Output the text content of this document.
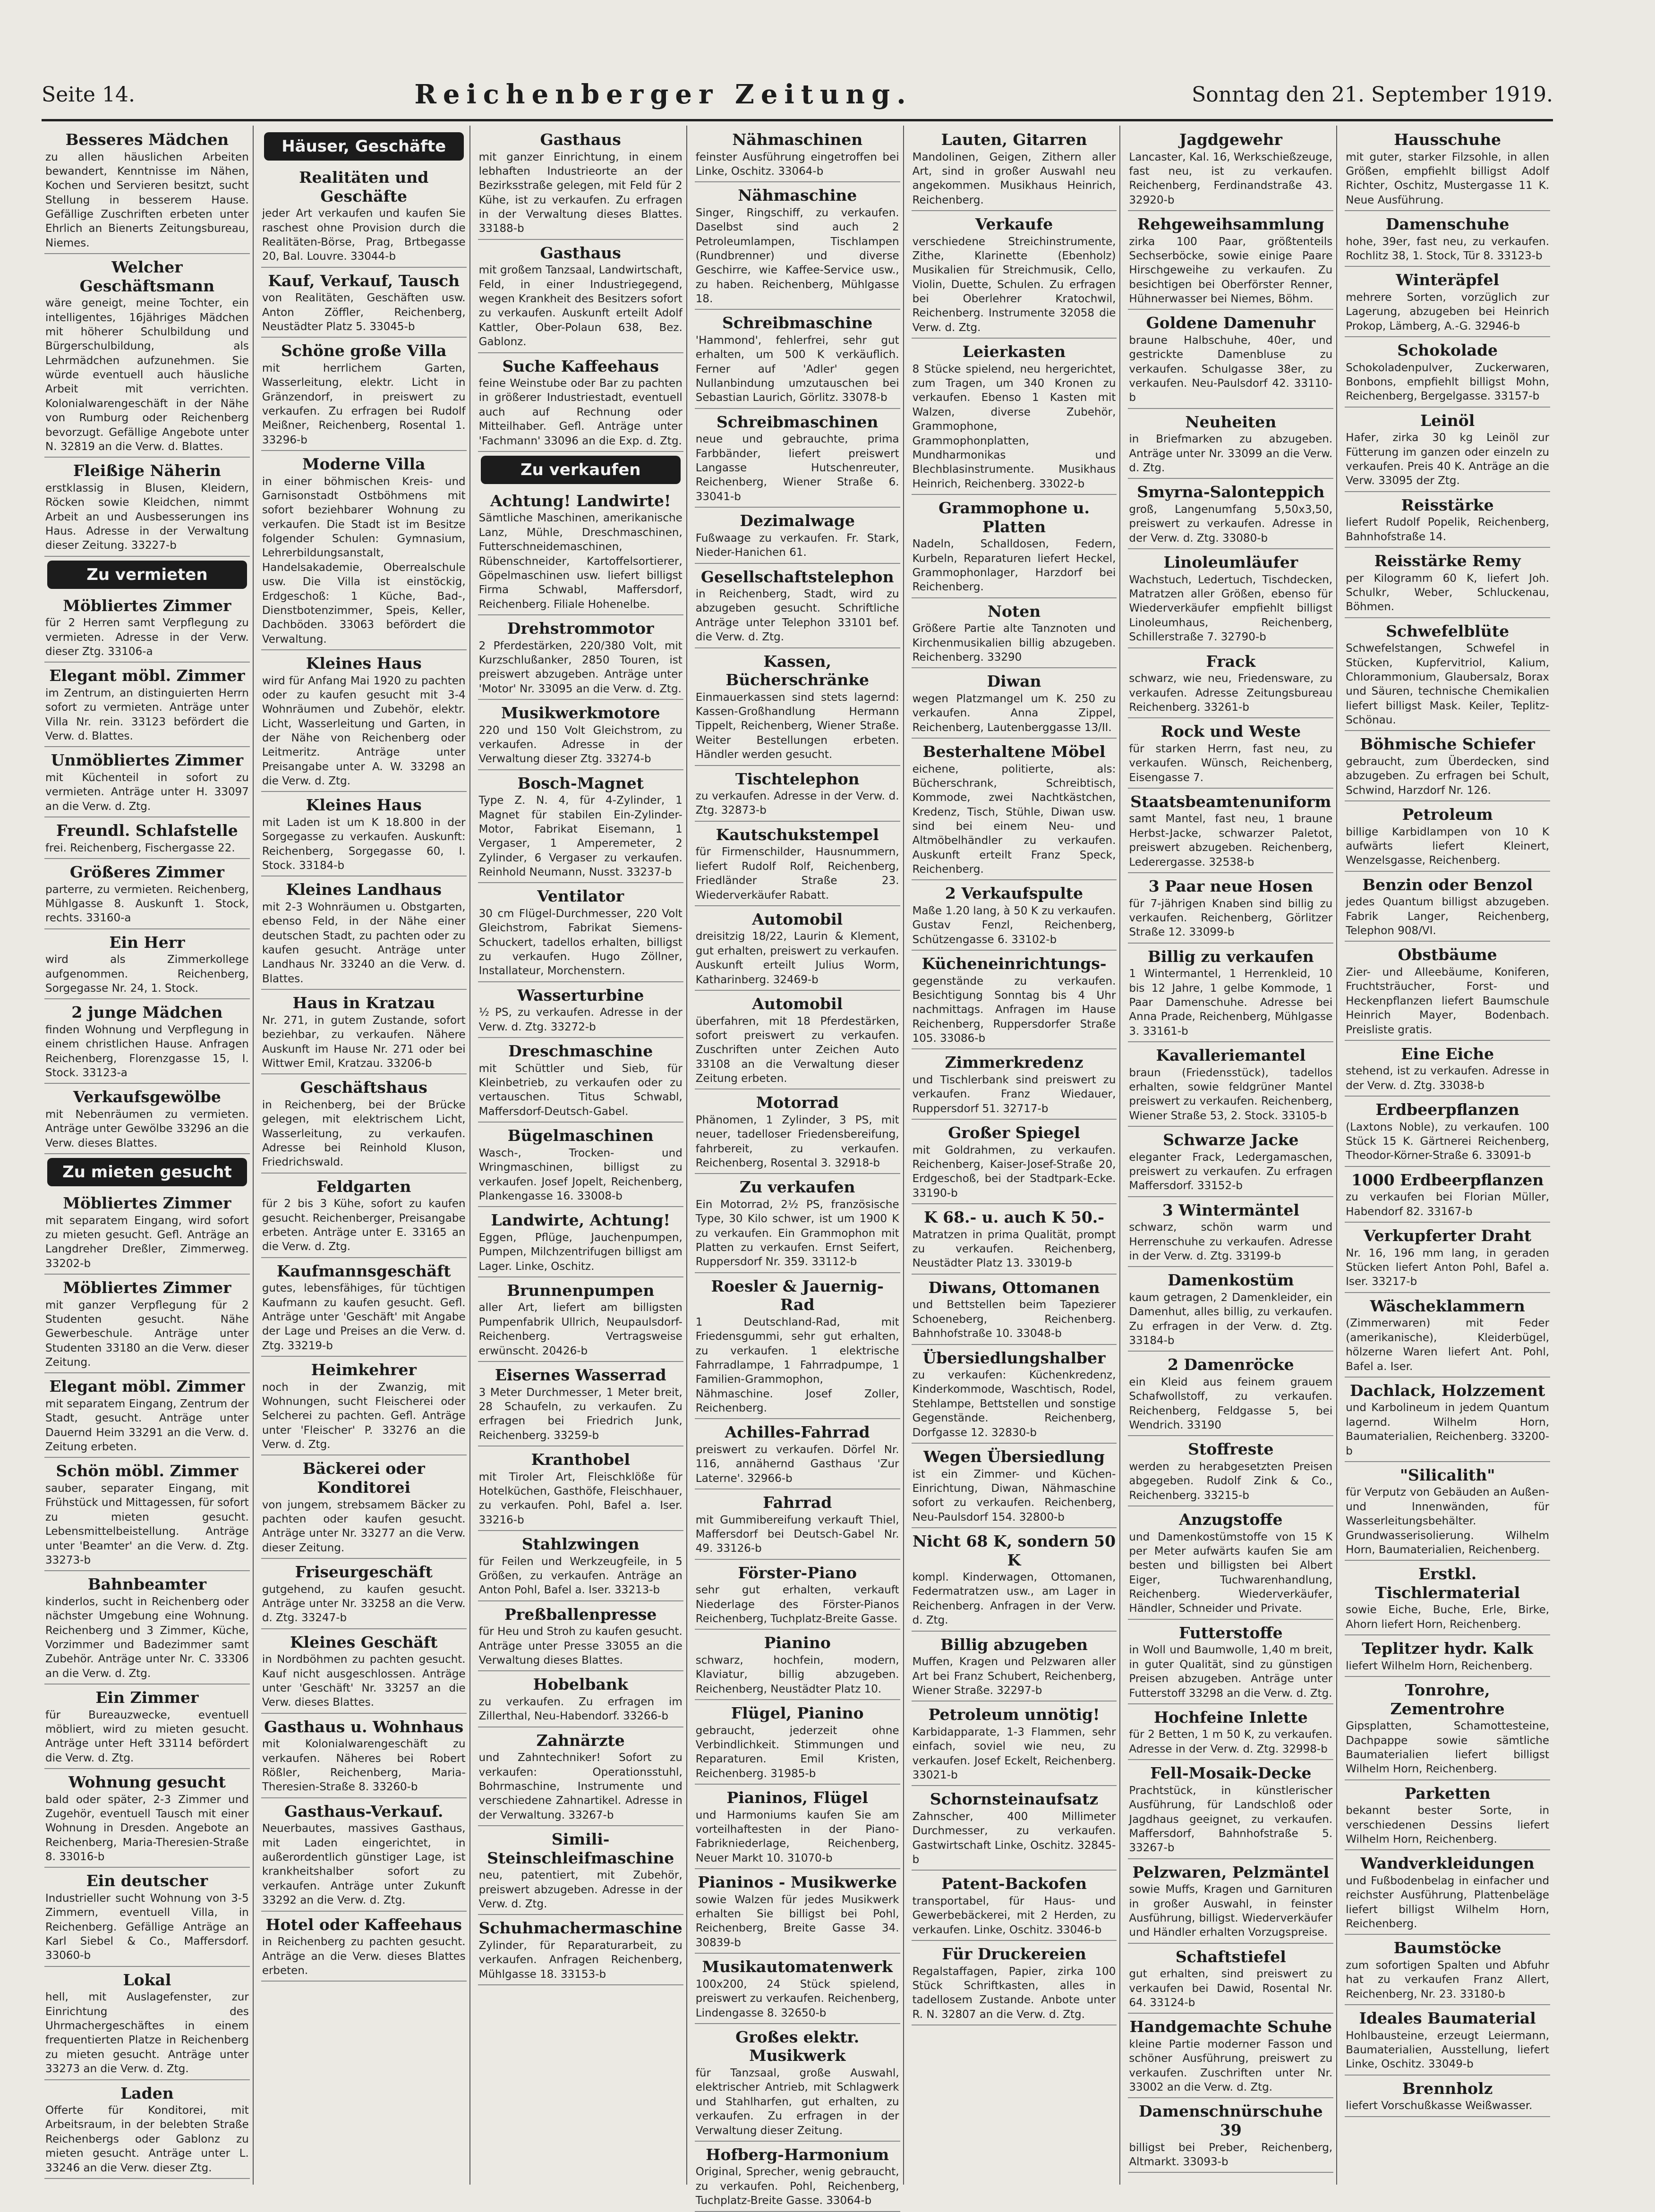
Seite 14.	Reichenberger Zeitung.	Sonntag den 21. September 1919.
Besseres Mädchen
zu allen häuslichen Arbeiten bewandert, Kenntnisse im Nähen, Kochen und Servieren besitzt, sucht Stellung in besserem Hause. Gefällige Zuschriften erbeten unter Ehrlich an Bienerts Zeitungsbureau, Niemes.
Welcher Geschäftsmann
wäre geneigt, meine Tochter, ein intelligentes, 16jähriges Mädchen mit höherer Schulbildung und Bürgerschulbildung, als Lehrmädchen aufzunehmen. Sie würde eventuell auch häusliche Arbeit mit verrichten. Kolonialwarengeschäft in der Nähe von Rumburg oder Reichenberg bevorzugt. Gefällige Angebote unter N. 32819 an die Verw. d. Blattes.
Fleißige Näherin
erstklassig in Blusen, Kleidern, Röcken sowie Kleidchen, nimmt Arbeit an und Ausbesserungen ins Haus. Adresse in der Verwaltung dieser Zeitung. 33227-b
Zu vermieten
Möbliertes Zimmer
für 2 Herren samt Verpflegung zu vermieten. Adresse in der Verw. dieser Ztg. 33106-a
Elegant möbl. Zimmer
im Zentrum, an distinguierten Herrn sofort zu vermieten. Anträge unter Villa Nr. rein. 33123 befördert die Verw. d. Blattes.
Unmöbliertes Zimmer
mit Küchenteil in sofort zu vermieten. Anträge unter H. 33097 an die Verw. d. Ztg.
Freundl. Schlafstelle
frei. Reichenberg, Fischergasse 22.
Größeres Zimmer
parterre, zu vermieten. Reichenberg, Mühlgasse 8. Auskunft 1. Stock, rechts. 33160-a
Ein Herr
wird als Zimmerkollege aufgenommen. Reichenberg, Sorgegasse Nr. 24, 1. Stock.
2 junge Mädchen
finden Wohnung und Verpflegung in einem christlichen Hause. Anfragen Reichenberg, Florenzgasse 15, I. Stock. 33123-a
Verkaufsgewölbe
mit Nebenräumen zu vermieten. Anträge unter Gewölbe 33296 an die Verw. dieses Blattes.
Zu mieten gesucht
Möbliertes Zimmer
mit separatem Eingang, wird sofort zu mieten gesucht. Gefl. Anträge an Langdreher Dreßler, Zimmerweg. 33202-b
Möbliertes Zimmer
mit ganzer Verpflegung für 2 Studenten gesucht. Nähe Gewerbeschule. Anträge unter Studenten 33180 an die Verw. dieser Zeitung.
Elegant möbl. Zimmer
mit separatem Eingang, Zentrum der Stadt, gesucht. Anträge unter Dauernd Heim 33291 an die Verw. d. Zeitung erbeten.
Schön möbl. Zimmer
sauber, separater Eingang, mit Frühstück und Mittagessen, für sofort zu mieten gesucht. Lebensmittelbeistellung. Anträge unter 'Beamter' an die Verw. d. Ztg. 33273-b
Bahnbeamter
kinderlos, sucht in Reichenberg oder nächster Umgebung eine Wohnung. Reichenberg und 3 Zimmer, Küche, Vorzimmer und Badezimmer samt Zubehör. Anträge unter Nr. C. 33306 an die Verw. d. Ztg.
Ein Zimmer
für Bureauzwecke, eventuell möbliert, wird zu mieten gesucht. Anträge unter Heft 33114 befördert die Verw. d. Ztg.
Wohnung gesucht
bald oder später, 2-3 Zimmer und Zugehör, eventuell Tausch mit einer Wohnung in Dresden. Angebote an Reichenberg, Maria-Theresien-Straße 8. 33016-b
Ein deutscher
Industrieller sucht Wohnung von 3-5 Zimmern, eventuell Villa, in Reichenberg. Gefällige Anträge an Karl Siebel & Co., Maffersdorf. 33060-b
Lokal
hell, mit Auslagefenster, zur Einrichtung des Uhrmachergeschäftes in einem frequentierten Platze in Reichenberg zu mieten gesucht. Anträge unter 33273 an die Verw. d. Ztg.
Laden
Offerte für Konditorei, mit Arbeitsraum, in der belebten Straße Reichenbergs oder Gablonz zu mieten gesucht. Anträge unter L. 33246 an die Verw. dieser Ztg.
Häuser, Geschäfte
Realitäten und Geschäfte
jeder Art verkaufen und kaufen Sie raschest ohne Provision durch die Realitäten-Börse, Prag, Brtbegasse 20, Bal. Louvre. 33044-b
Kauf, Verkauf, Tausch
von Realitäten, Geschäften usw. Anton Zöffler, Reichenberg, Neustädter Platz 5. 33045-b
Schöne große Villa
mit herrlichem Garten, Wasserleitung, elektr. Licht in Gränzendorf, in preiswert zu verkaufen. Zu erfragen bei Rudolf Meißner, Reichenberg, Rosental 1. 33296-b
Moderne Villa
in einer böhmischen Kreis- und Garnisonstadt Ostböhmens mit sofort beziehbarer Wohnung zu verkaufen. Die Stadt ist im Besitze folgender Schulen: Gymnasium, Lehrerbildungsanstalt, Handelsakademie, Oberrealschule usw. Die Villa ist einstöckig, Erdgeschoß: 1 Küche, Bad-, Dienstbotenzimmer, Speis, Keller, Dachböden. 33063 befördert die Verwaltung.
Kleines Haus
wird für Anfang Mai 1920 zu pachten oder zu kaufen gesucht mit 3-4 Wohnräumen und Zubehör, elektr. Licht, Wasserleitung und Garten, in der Nähe von Reichenberg oder Leitmeritz. Anträge unter Preisangabe unter A. W. 33298 an die Verw. d. Ztg.
Kleines Haus
mit Laden ist um K 18.800 in der Sorgegasse zu verkaufen. Auskunft: Reichenberg, Sorgegasse 60, I. Stock. 33184-b
Kleines Landhaus
mit 2-3 Wohnräumen u. Obstgarten, ebenso Feld, in der Nähe einer deutschen Stadt, zu pachten oder zu kaufen gesucht. Anträge unter Landhaus Nr. 33240 an die Verw. d. Blattes.
Haus in Kratzau
Nr. 271, in gutem Zustande, sofort beziehbar, zu verkaufen. Nähere Auskunft im Hause Nr. 271 oder bei Wittwer Emil, Kratzau. 33206-b
Geschäftshaus
in Reichenberg, bei der Brücke gelegen, mit elektrischem Licht, Wasserleitung, zu verkaufen. Adresse bei Reinhold Kluson, Friedrichswald.
Feldgarten
für 2 bis 3 Kühe, sofort zu kaufen gesucht. Reichenberger, Preisangabe erbeten. Anträge unter E. 33165 an die Verw. d. Ztg.
Kaufmannsgeschäft
gutes, lebensfähiges, für tüchtigen Kaufmann zu kaufen gesucht. Gefl. Anträge unter 'Geschäft' mit Angabe der Lage und Preises an die Verw. d. Ztg. 33219-b
Heimkehrer
noch in der Zwanzig, mit Wohnungen, sucht Fleischerei oder Selcherei zu pachten. Gefl. Anträge unter 'Fleischer' P. 33276 an die Verw. d. Ztg.
Bäckerei oder Konditorei
von jungem, strebsamem Bäcker zu pachten oder kaufen gesucht. Anträge unter Nr. 33277 an die Verw. dieser Zeitung.
Friseurgeschäft
gutgehend, zu kaufen gesucht. Anträge unter Nr. 33258 an die Verw. d. Ztg. 33247-b
Kleines Geschäft
in Nordböhmen zu pachten gesucht. Kauf nicht ausgeschlossen. Anträge unter 'Geschäft' Nr. 33257 an die Verw. dieses Blattes.
Gasthaus u. Wohnhaus
mit Kolonialwarengeschäft zu verkaufen. Näheres bei Robert Rößler, Reichenberg, Maria-Theresien-Straße 8. 33260-b
Gasthaus-Verkauf.
Neuerbautes, massives Gasthaus, mit Laden eingerichtet, in außerordentlich günstiger Lage, ist krankheitshalber sofort zu verkaufen. Anträge unter Zukunft 33292 an die Verw. d. Ztg.
Hotel oder Kaffeehaus
in Reichenberg zu pachten gesucht. Anträge an die Verw. dieses Blattes erbeten.
Gasthaus
mit ganzer Einrichtung, in einem lebhaften Industrieorte an der Bezirksstraße gelegen, mit Feld für 2 Kühe, ist zu verkaufen. Zu erfragen in der Verwaltung dieses Blattes. 33188-b
Gasthaus
mit großem Tanzsaal, Landwirtschaft, Feld, in einer Industriegegend, wegen Krankheit des Besitzers sofort zu verkaufen. Auskunft erteilt Adolf Kattler, Ober-Polaun 638, Bez. Gablonz.
Suche Kaffeehaus
feine Weinstube oder Bar zu pachten in größerer Industriestadt, eventuell auch auf Rechnung oder Mitteilhaber. Gefl. Anträge unter 'Fachmann' 33096 an die Exp. d. Ztg.
Zu verkaufen
Achtung! Landwirte!
Sämtliche Maschinen, amerikanische Lanz, Mühle, Dreschmaschinen, Futterschneidemaschinen, Rübenschneider, Kartoffelsortierer, Göpelmaschinen usw. liefert billigst Firma Schwabl, Maffersdorf, Reichenberg. Filiale Hohenelbe.
Drehstrommotor
2 Pferdestärken, 220/380 Volt, mit Kurzschlußanker, 2850 Touren, ist preiswert abzugeben. Anträge unter 'Motor' Nr. 33095 an die Verw. d. Ztg.
Musikwerkmotore
220 und 150 Volt Gleichstrom, zu verkaufen. Adresse in der Verwaltung dieser Ztg. 33274-b
Bosch-Magnet
Type Z. N. 4, für 4-Zylinder, 1 Magnet für stabilen Ein-Zylinder-Motor, Fabrikat Eisemann, 1 Vergaser, 1 Amperemeter, 2 Zylinder, 6 Vergaser zu verkaufen. Reinhold Neumann, Nusst. 33237-b
Ventilator
30 cm Flügel-Durchmesser, 220 Volt Gleichstrom, Fabrikat Siemens-Schuckert, tadellos erhalten, billigst zu verkaufen. Hugo Zöllner, Installateur, Morchenstern.
Wasserturbine
½ PS, zu verkaufen. Adresse in der Verw. d. Ztg. 33272-b
Dreschmaschine
mit Schüttler und Sieb, für Kleinbetrieb, zu verkaufen oder zu vertauschen. Titus Schwabl, Maffersdorf-Deutsch-Gabel.
Bügelmaschinen
Wasch-, Trocken- und Wringmaschinen, billigst zu verkaufen. Josef Jopelt, Reichenberg, Plankengasse 16. 33008-b
Landwirte, Achtung!
Eggen, Pflüge, Jauchenpumpen, Pumpen, Milchzentrifugen billigst am Lager. Linke, Oschitz.
Brunnenpumpen
aller Art, liefert am billigsten Pumpenfabrik Ullrich, Neupaulsdorf-Reichenberg. Vertragsweise erwünscht. 20426-b
Eisernes Wasserrad
3 Meter Durchmesser, 1 Meter breit, 28 Schaufeln, zu verkaufen. Zu erfragen bei Friedrich Junk, Reichenberg. 33259-b
Kranthobel
mit Tiroler Art, Fleischklöße für Hotelküchen, Gasthöfe, Fleischhauer, zu verkaufen. Pohl, Bafel a. Iser. 33216-b
Stahlzwingen
für Feilen und Werkzeugfeile, in 5 Größen, zu verkaufen. Anträge an Anton Pohl, Bafel a. Iser. 33213-b
Preßballenpresse
für Heu und Stroh zu kaufen gesucht. Anträge unter Presse 33055 an die Verwaltung dieses Blattes.
Hobelbank
zu verkaufen. Zu erfragen im Zillerthal, Neu-Habendorf. 33266-b
Zahnärzte
und Zahntechniker! Sofort zu verkaufen: Operationsstuhl, Bohrmaschine, Instrumente und verschiedene Zahnartikel. Adresse in der Verwaltung. 33267-b
Simili-Steinschleifmaschine
neu, patentiert, mit Zubehör, preiswert abzugeben. Adresse in der Verw. d. Ztg.
Schuhmachermaschine
Zylinder, für Reparaturarbeit, zu verkaufen. Anfragen Reichenberg, Mühlgasse 18. 33153-b
Nähmaschinen
feinster Ausführung eingetroffen bei Linke, Oschitz. 33064-b
Nähmaschine
Singer, Ringschiff, zu verkaufen. Daselbst sind auch 2 Petroleumlampen, Tischlampen (Rundbrenner) und diverse Geschirre, wie Kaffee-Service usw., zu haben. Reichenberg, Mühlgasse 18.
Schreibmaschine
'Hammond', fehlerfrei, sehr gut erhalten, um 500 K verkäuflich. Ferner auf 'Adler' gegen Nullanbindung umzutauschen bei Sebastian Laurich, Görlitz. 33078-b
Schreibmaschinen
neue und gebrauchte, prima Farbbänder, liefert preiswert Langasse Hutschenreuter, Reichenberg, Wiener Straße 6. 33041-b
Dezimalwage
Fußwaage zu verkaufen. Fr. Stark, Nieder-Hanichen 61.
Gesellschaftstelephon
in Reichenberg, Stadt, wird zu abzugeben gesucht. Schriftliche Anträge unter Telephon 33101 bef. die Verw. d. Ztg.
Kassen, Bücherschränke
Einmauerkassen sind stets lagernd: Kassen-Großhandlung Hermann Tippelt, Reichenberg, Wiener Straße. Weiter Bestellungen erbeten. Händler werden gesucht.
Tischtelephon
zu verkaufen. Adresse in der Verw. d. Ztg. 32873-b
Kautschukstempel
für Firmenschilder, Hausnummern, liefert Rudolf Rolf, Reichenberg, Friedländer Straße 23. Wiederverkäufer Rabatt.
Automobil
dreisitzig 18/22, Laurin & Klement, gut erhalten, preiswert zu verkaufen. Auskunft erteilt Julius Worm, Katharinberg. 32469-b
Automobil
überfahren, mit 18 Pferdestärken, sofort preiswert zu verkaufen. Zuschriften unter Zeichen Auto 33108 an die Verwaltung dieser Zeitung erbeten.
Motorrad
Phänomen, 1 Zylinder, 3 PS, mit neuer, tadelloser Friedensbereifung, fahrbereit, zu verkaufen. Reichenberg, Rosental 3. 32918-b
Zu verkaufen
Ein Motorrad, 2½ PS, französische Type, 30 Kilo schwer, ist um 1900 K zu verkaufen. Ein Grammophon mit Platten zu verkaufen. Ernst Seifert, Ruppersdorf Nr. 359. 33112-b
Roesler & Jauernig-Rad
1 Deutschland-Rad, mit Friedensgummi, sehr gut erhalten, zu verkaufen. 1 elektrische Fahrradlampe, 1 Fahrradpumpe, 1 Familien-Grammophon, Nähmaschine. Josef Zoller, Reichenberg.
Achilles-Fahrrad
preiswert zu verkaufen. Dörfel Nr. 116, annähernd Gasthaus 'Zur Laterne'. 32966-b
Fahrrad
mit Gummibereifung verkauft Thiel, Maffersdorf bei Deutsch-Gabel Nr. 49. 33126-b
Förster-Piano
sehr gut erhalten, verkauft Niederlage des Förster-Pianos Reichenberg, Tuchplatz-Breite Gasse.
Pianino
schwarz, hochfein, modern, Klaviatur, billig abzugeben. Reichenberg, Neustädter Platz 10.
Flügel, Pianino
gebraucht, jederzeit ohne Verbindlichkeit. Stimmungen und Reparaturen. Emil Kristen, Reichenberg. 31985-b
Pianinos, Flügel
und Harmoniums kaufen Sie am vorteilhaftesten in der Piano-Fabrikniederlage, Reichenberg, Neuer Markt 10. 31070-b
Pianinos - Musikwerke
sowie Walzen für jedes Musikwerk erhalten Sie billigst bei Pohl, Reichenberg, Breite Gasse 34. 30839-b
Musikautomatenwerk
100x200, 24 Stück spielend, preiswert zu verkaufen. Reichenberg, Lindengasse 8. 32650-b
Großes elektr. Musikwerk
für Tanzsaal, große Auswahl, elektrischer Antrieb, mit Schlagwerk und Stahlharfen, gut erhalten, zu verkaufen. Zu erfragen in der Verwaltung dieser Zeitung.
Hofberg-Harmonium
Original, Sprecher, wenig gebraucht, zu verkaufen. Pohl, Reichenberg, Tuchplatz-Breite Gasse. 33064-b
Lauten, Gitarren
Mandolinen, Geigen, Zithern aller Art, sind in großer Auswahl neu angekommen. Musikhaus Heinrich, Reichenberg.
Verkaufe
verschiedene Streichinstrumente, Zithe, Klarinette (Ebenholz) Musikalien für Streichmusik, Cello, Violin, Duette, Schulen. Zu erfragen bei Oberlehrer Kratochwil, Reichenberg. Instrumente 32058 die Verw. d. Ztg.
Leierkasten
8 Stücke spielend, neu hergerichtet, zum Tragen, um 340 Kronen zu verkaufen. Ebenso 1 Kasten mit Walzen, diverse Zubehör, Grammophone, Grammophonplatten, Mundharmonikas und Blechblasinstrumente. Musikhaus Heinrich, Reichenberg. 33022-b
Grammophone u. Platten
Nadeln, Schalldosen, Federn, Kurbeln, Reparaturen liefert Heckel, Grammophonlager, Harzdorf bei Reichenberg.
Noten
Größere Partie alte Tanznoten und Kirchenmusikalien billig abzugeben. Reichenberg. 33290
Diwan
wegen Platzmangel um K. 250 zu verkaufen. Anna Zippel, Reichenberg, Lautenberggasse 13/II.
Besterhaltene Möbel
eichene, politierte, als: Bücherschrank, Schreibtisch, Kommode, zwei Nachtkästchen, Kredenz, Tisch, Stühle, Diwan usw. sind bei einem Neu- und Altmöbelhändler zu verkaufen. Auskunft erteilt Franz Speck, Reichenberg.
2 Verkaufspulte
Maße 1.20 lang, à 50 K zu verkaufen. Gustav Fenzl, Reichenberg, Schützengasse 6. 33102-b
Kücheneinrichtungs-
gegenstände zu verkaufen. Besichtigung Sonntag bis 4 Uhr nachmittags. Anfragen im Hause Reichenberg, Ruppersdorfer Straße 105. 33086-b
Zimmerkredenz
und Tischlerbank sind preiswert zu verkaufen. Franz Wiedauer, Ruppersdorf 51. 32717-b
Großer Spiegel
mit Goldrahmen, zu verkaufen. Reichenberg, Kaiser-Josef-Straße 20, Erdgeschoß, bei der Stadtpark-Ecke. 33190-b
K 68.- u. auch K 50.-
Matratzen in prima Qualität, prompt zu verkaufen. Reichenberg, Neustädter Platz 13. 33019-b
Diwans, Ottomanen
und Bettstellen beim Tapezierer Schoeneberg, Reichenberg. Bahnhofstraße 10. 33048-b
Übersiedlungshalber
zu verkaufen: Küchenkredenz, Kinderkommode, Waschtisch, Rodel, Stehlampe, Bettstellen und sonstige Gegenstände. Reichenberg, Dorfgasse 12. 32830-b
Wegen Übersiedlung
ist ein Zimmer- und Küchen-Einrichtung, Diwan, Nähmaschine sofort zu verkaufen. Reichenberg, Neu-Paulsdorf 154. 32800-b
Nicht 68 K, sondern 50 K
kompl. Kinderwagen, Ottomanen, Federmatratzen usw., am Lager in Reichenberg. Anfragen in der Verw. d. Ztg.
Billig abzugeben
Muffen, Kragen und Pelzwaren aller Art bei Franz Schubert, Reichenberg, Wiener Straße. 32297-b
Petroleum unnötig!
Karbidapparate, 1-3 Flammen, sehr einfach, soviel wie neu, zu verkaufen. Josef Eckelt, Reichenberg. 33021-b
Schornsteinaufsatz
Zahnscher, 400 Millimeter Durchmesser, zu verkaufen. Gastwirtschaft Linke, Oschitz. 32845-b
Patent-Backofen
transportabel, für Haus- und Gewerbebäckerei, mit 2 Herden, zu verkaufen. Linke, Oschitz. 33046-b
Für Druckereien
Regalstaffagen, Papier, zirka 100 Stück Schriftkasten, alles in tadellosem Zustande. Anbote unter R. N. 32807 an die Verw. d. Ztg.
Jagdgewehr
Lancaster, Kal. 16, Werkschießzeuge, fast neu, ist zu verkaufen. Reichenberg, Ferdinandstraße 43. 32920-b
Rehgeweihsammlung
zirka 100 Paar, größtenteils Sechserböcke, sowie einige Paare Hirschgeweihe zu verkaufen. Zu besichtigen bei Oberförster Renner, Hühnerwasser bei Niemes, Böhm.
Goldene Damenuhr
braune Halbschuhe, 40er, und gestrickte Damenbluse zu verkaufen. Schulgasse 38er, zu verkaufen. Neu-Paulsdorf 42. 33110-b
Neuheiten
in Briefmarken zu abzugeben. Anträge unter Nr. 33099 an die Verw. d. Ztg.
Smyrna-Salonteppich
groß, Langenumfang 5,50x3,50, preiswert zu verkaufen. Adresse in der Verw. d. Ztg. 33080-b
Linoleumläufer
Wachstuch, Ledertuch, Tischdecken, Matratzen aller Größen, ebenso für Wiederverkäufer empfiehlt billigst Linoleumhaus, Reichenberg, Schillerstraße 7. 32790-b
Frack
schwarz, wie neu, Friedensware, zu verkaufen. Adresse Zeitungsbureau Reichenberg. 33261-b
Rock und Weste
für starken Herrn, fast neu, zu verkaufen. Wünsch, Reichenberg, Eisengasse 7.
Staatsbeamtenuniform
samt Mantel, fast neu, 1 braune Herbst-Jacke, schwarzer Paletot, preiswert abzugeben. Reichenberg, Lederergasse. 32538-b
3 Paar neue Hosen
für 7-jährigen Knaben sind billig zu verkaufen. Reichenberg, Görlitzer Straße 12. 33099-b
Billig zu verkaufen
1 Wintermantel, 1 Herrenkleid, 10 bis 12 Jahre, 1 gelbe Kommode, 1 Paar Damenschuhe. Adresse bei Anna Prade, Reichenberg, Mühlgasse 3. 33161-b
Kavalleriemantel
braun (Friedensstück), tadellos erhalten, sowie feldgrüner Mantel preiswert zu verkaufen. Reichenberg, Wiener Straße 53, 2. Stock. 33105-b
Schwarze Jacke
eleganter Frack, Ledergamaschen, preiswert zu verkaufen. Zu erfragen Maffersdorf. 33152-b
3 Wintermäntel
schwarz, schön warm und Herrenschuhe zu verkaufen. Adresse in der Verw. d. Ztg. 33199-b
Damenkostüm
kaum getragen, 2 Damenkleider, ein Damenhut, alles billig, zu verkaufen. Zu erfragen in der Verw. d. Ztg. 33184-b
2 Damenröcke
ein Kleid aus feinem grauem Schafwollstoff, zu verkaufen. Reichenberg, Feldgasse 5, bei Wendrich. 33190
Stoffreste
werden zu herabgesetzten Preisen abgegeben. Rudolf Zink & Co., Reichenberg. 33215-b
Anzugstoffe
und Damenkostümstoffe von 15 K per Meter aufwärts kaufen Sie am besten und billigsten bei Albert Eiger, Tuchwarenhandlung, Reichenberg. Wiederverkäufer, Händler, Schneider und Private.
Futterstoffe
in Woll und Baumwolle, 1,40 m breit, in guter Qualität, sind zu günstigen Preisen abzugeben. Anträge unter Futterstoff 33298 an die Verw. d. Ztg.
Hochfeine Inlette
für 2 Betten, 1 m 50 K, zu verkaufen. Adresse in der Verw. d. Ztg. 32998-b
Fell-Mosaik-Decke
Prachtstück, in künstlerischer Ausführung, für Landschloß oder Jagdhaus geeignet, zu verkaufen. Maffersdorf, Bahnhofstraße 5. 33267-b
Pelzwaren, Pelzmäntel
sowie Muffs, Kragen und Garnituren in großer Auswahl, in feinster Ausführung, billigst. Wiederverkäufer und Händler erhalten Vorzugspreise.
Schaftstiefel
gut erhalten, sind preiswert zu verkaufen bei Dawid, Rosental Nr. 64. 33124-b
Handgemachte Schuhe
kleine Partie moderner Fasson und schöner Ausführung, preiswert zu verkaufen. Zuschriften unter Nr. 33002 an die Verw. d. Ztg.
Damenschnürschuhe 39
billigst bei Preber, Reichenberg, Altmarkt. 33093-b
Hausschuhe
mit guter, starker Filzsohle, in allen Größen, empfiehlt billigst Adolf Richter, Oschitz, Mustergasse 11 K. Neue Ausführung.
Damenschuhe
hohe, 39er, fast neu, zu verkaufen. Rochlitz 38, 1. Stock, Tür 8. 33123-b
Winteräpfel
mehrere Sorten, vorzüglich zur Lagerung, abzugeben bei Heinrich Prokop, Lämberg, A.-G. 32946-b
Schokolade
Schokoladenpulver, Zuckerwaren, Bonbons, empfiehlt billigst Mohn, Reichenberg, Bergelgasse. 33157-b
Leinöl
Hafer, zirka 30 kg Leinöl zur Fütterung im ganzen oder einzeln zu verkaufen. Preis 40 K. Anträge an die Verw. 33095 der Ztg.
Reisstärke
liefert Rudolf Popelik, Reichenberg, Bahnhofstraße 14.
Reisstärke Remy
per Kilogramm 60 K, liefert Joh. Schulkr, Weber, Schluckenau, Böhmen.
Schwefelblüte
Schwefelstangen, Schwefel in Stücken, Kupfervitriol, Kalium, Chlorammonium, Glaubersalz, Borax und Säuren, technische Chemikalien liefert billigst Mask. Keiler, Teplitz-Schönau.
Böhmische Schiefer
gebraucht, zum Überdecken, sind abzugeben. Zu erfragen bei Schult, Schwind, Harzdorf Nr. 126.
Petroleum
billige Karbidlampen von 10 K aufwärts liefert Kleinert, Wenzelsgasse, Reichenberg.
Benzin oder Benzol
jedes Quantum billigst abzugeben. Fabrik Langer, Reichenberg, Telephon 908/VI.
Obstbäume
Zier- und Alleebäume, Koniferen, Fruchtsträucher, Forst- und Heckenpflanzen liefert Baumschule Heinrich Mayer, Bodenbach. Preisliste gratis.
Eine Eiche
stehend, ist zu verkaufen. Adresse in der Verw. d. Ztg. 33038-b
Erdbeerpflanzen
(Laxtons Noble), zu verkaufen. 100 Stück 15 K. Gärtnerei Reichenberg, Theodor-Körner-Straße 6. 33091-b
1000 Erdbeerpflanzen
zu verkaufen bei Florian Müller, Habendorf 82. 33167-b
Verkupferter Draht
Nr. 16, 196 mm lang, in geraden Stücken liefert Anton Pohl, Bafel a. Iser. 33217-b
Wäscheklammern
(Zimmerwaren) mit Feder (amerikanische), Kleiderbügel, hölzerne Waren liefert Ant. Pohl, Bafel a. Iser.
Dachlack, Holzzement
und Karbolineum in jedem Quantum lagernd. Wilhelm Horn, Baumaterialien, Reichenberg. 33200-b
"Silicalith"
für Verputz von Gebäuden an Außen- und Innenwänden, für Wasserleitungsbehälter. Grundwasserisolierung. Wilhelm Horn, Baumaterialien, Reichenberg.
Erstkl. Tischlermaterial
sowie Eiche, Buche, Erle, Birke, Ahorn liefert Horn, Reichenberg.
Teplitzer hydr. Kalk
liefert Wilhelm Horn, Reichenberg.
Tonrohre, Zementrohre
Gipsplatten, Schamottesteine, Dachpappe sowie sämtliche Baumaterialien liefert billigst Wilhelm Horn, Reichenberg.
Parketten
bekannt bester Sorte, in verschiedenen Dessins liefert Wilhelm Horn, Reichenberg.
Wandverkleidungen
und Fußbodenbelag in einfacher und reichster Ausführung, Plattenbeläge liefert billigst Wilhelm Horn, Reichenberg.
Baumstöcke
zum sofortigen Spalten und Abfuhr hat zu verkaufen Franz Allert, Reichenberg, Nr. 23. 33180-b
Ideales Baumaterial
Hohlbausteine, erzeugt Leiermann, Baumaterialien, Ausstellung, liefert Linke, Oschitz. 33049-b
Brennholz
liefert Vorschußkasse Weißwasser.
